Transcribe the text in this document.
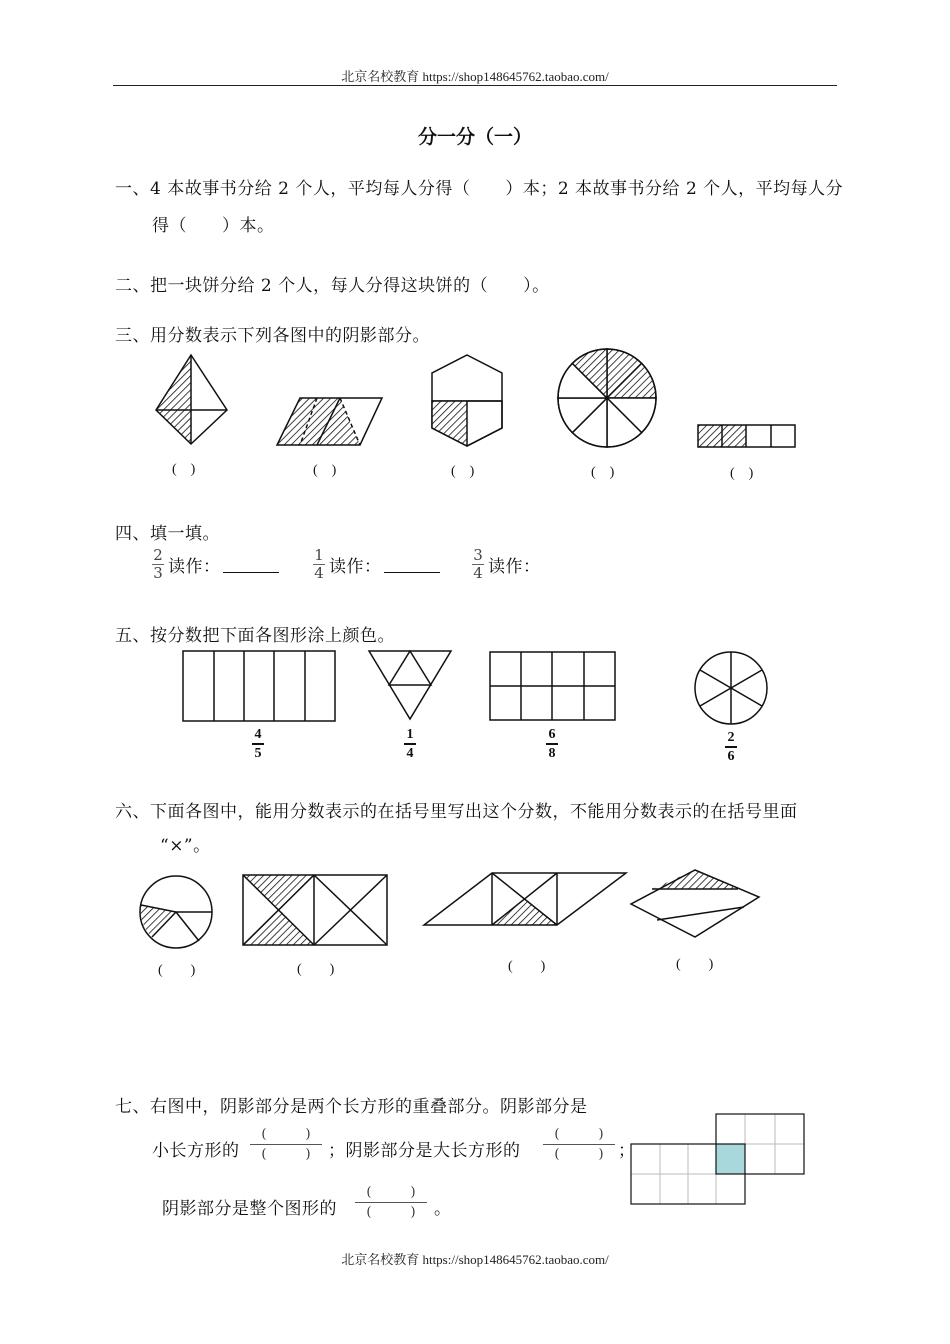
北京名校教育 https://shop148645762.taobao.com/
分一分（一）
一、4 本故事书分给 2 个人，平均每人分得（　　）本；2 本故事书分给 2 个人，平均每人分
得（　　）本。
二、把一块饼分给 2 个人，每人分得这块饼的（　　）。
三、用分数表示下列各图中的阴影部分。
(　)	(　)	(　)	(　)	(　)
四、填一填。
$\frac{2}{3}$ 读作：	$\frac{1}{4}$ 读作：	$\frac{3}{4}$ 读作：
五、按分数把下面各图形涂上颜色。
4
5
1
4
6
8
2
6
六、下面各图中，能用分数表示的在括号里写出这个分数，不能用分数表示的在括号里面
“×”。
(　　)	(　　)	(　　)	(　　)
七、右图中，阴影部分是两个长方形的重叠部分。阴影部分是
小长方形的
(　　　)
(　　　) ；阴影部分是大长方形的
(　　　)
(　　　) ；
阴影部分是整个图形的
(　　　)
(　　　) 。
北京名校教育 https://shop148645762.taobao.com/
